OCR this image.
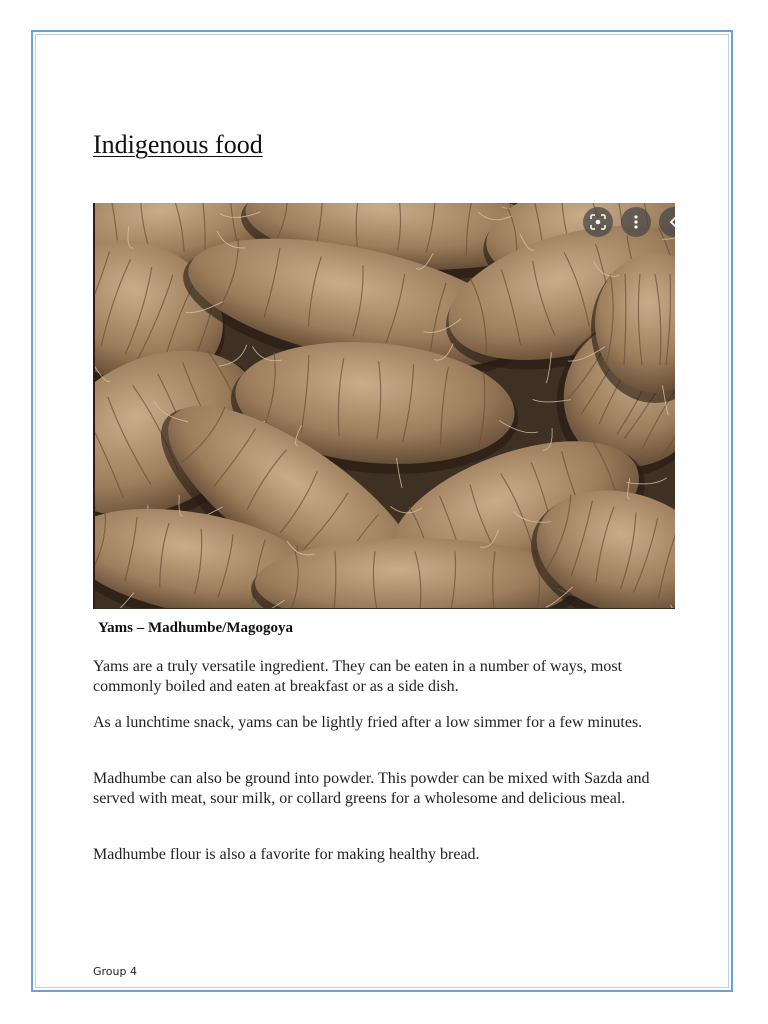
Indigenous food
Yams – Madhumbe/Magogoya

Yams are a truly versatile ingredient. They can be eaten in a number of ways, most commonly boiled and eaten at breakfast or as a side dish.

As a lunchtime snack, yams can be lightly fried after a low simmer for a few minutes.

Madhumbe can also be ground into powder. This powder can be mixed with Sazda and served with meat, sour milk, or collard greens for a wholesome and delicious meal.

Madhumbe flour is also a favorite for making healthy bread.

Group 4
